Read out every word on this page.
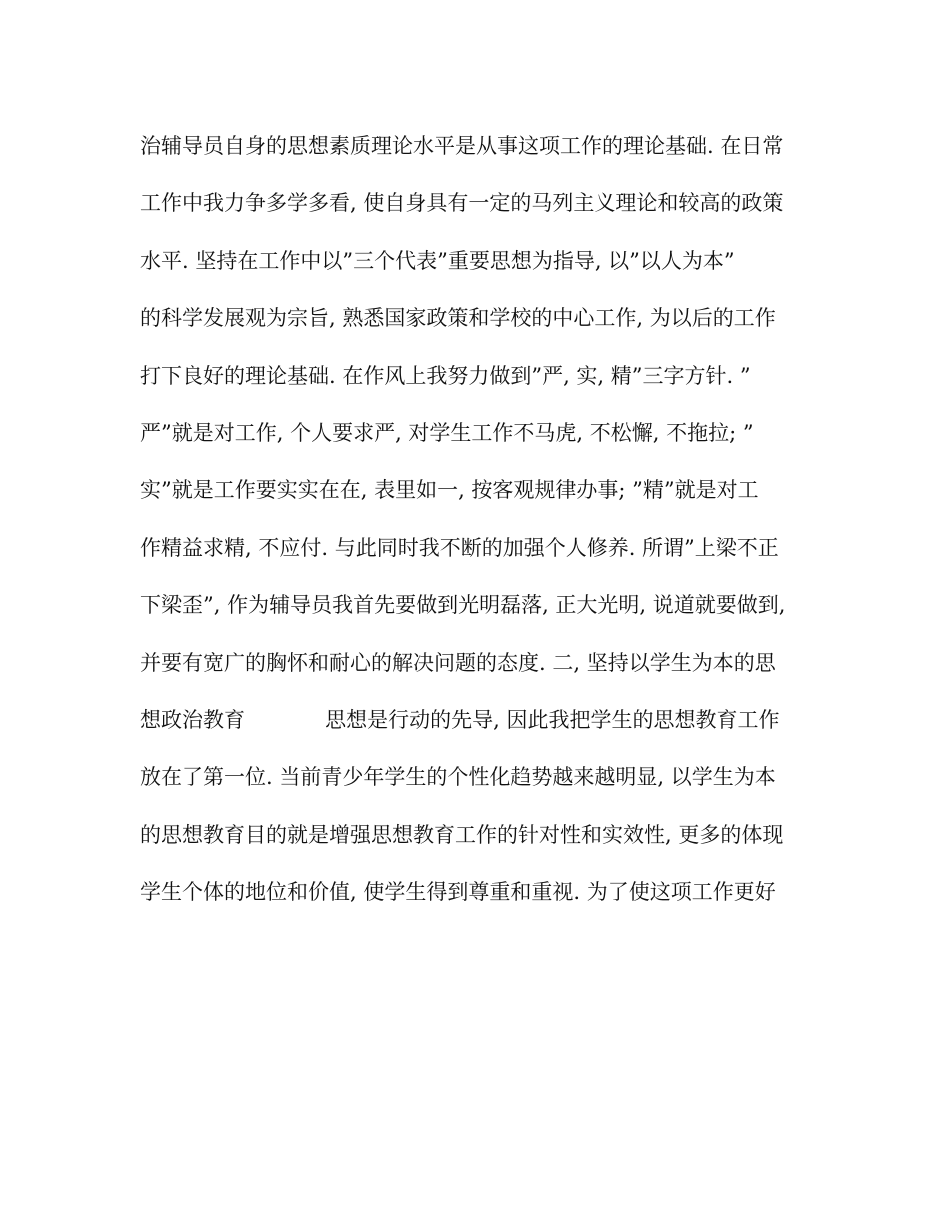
治辅导员自身的思想素质理论水平是从事这项工作的理论基础. 在日常
工作中我力争多学多看, 使自身具有一定的马列主义理论和较高的政策
水平. 坚持在工作中以”三个代表”重要思想为指导, 以”以人为本”
的科学发展观为宗旨, 熟悉国家政策和学校的中心工作, 为以后的工作
打下良好的理论基础. 在作风上我努力做到”严, 实, 精”三字方针. ”
严”就是对工作, 个人要求严, 对学生工作不马虎, 不松懈, 不拖拉; ”
实”就是工作要实实在在, 表里如一, 按客观规律办事; ”精”就是对工
作精益求精, 不应付. 与此同时我不断的加强个人修养. 所谓”上梁不正
下梁歪”, 作为辅导员我首先要做到光明磊落, 正大光明, 说道就要做到,
并要有宽广的胸怀和耐心的解决问题的态度. 二, 坚持以学生为本的思
想政治教育            思想是行动的先导, 因此我把学生的思想教育工作
放在了第一位. 当前青少年学生的个性化趋势越来越明显, 以学生为本
的思想教育目的就是增强思想教育工作的针对性和实效性, 更多的体现
学生个体的地位和价值, 使学生得到尊重和重视. 为了使这项工作更好
